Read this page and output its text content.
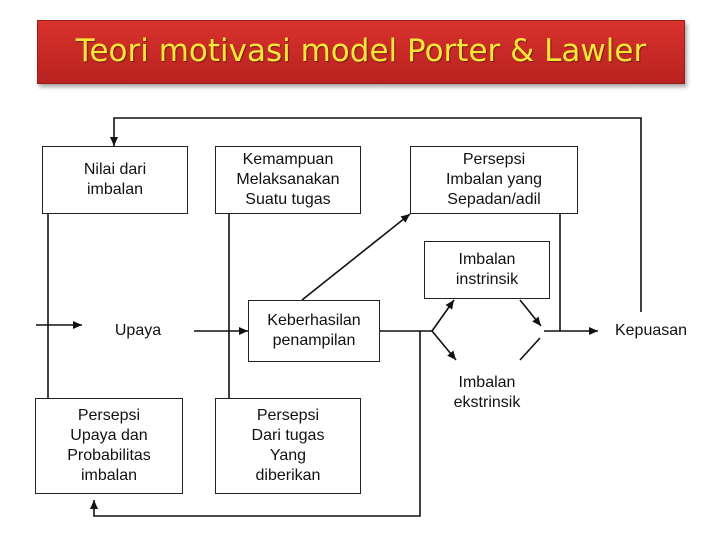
Teori motivasi model Porter & Lawler
Nilai dari
imbalan
Kemampuan
Melaksanakan
Suatu tugas
Persepsi
Imbalan yang
Sepadan/adil
Imbalan
instrinsik
Upaya
Keberhasilan
penampilan
Kepuasan
Imbalan
ekstrinsik
Persepsi
Upaya dan
Probabilitas
imbalan
Persepsi
Dari tugas
Yang
diberikan
